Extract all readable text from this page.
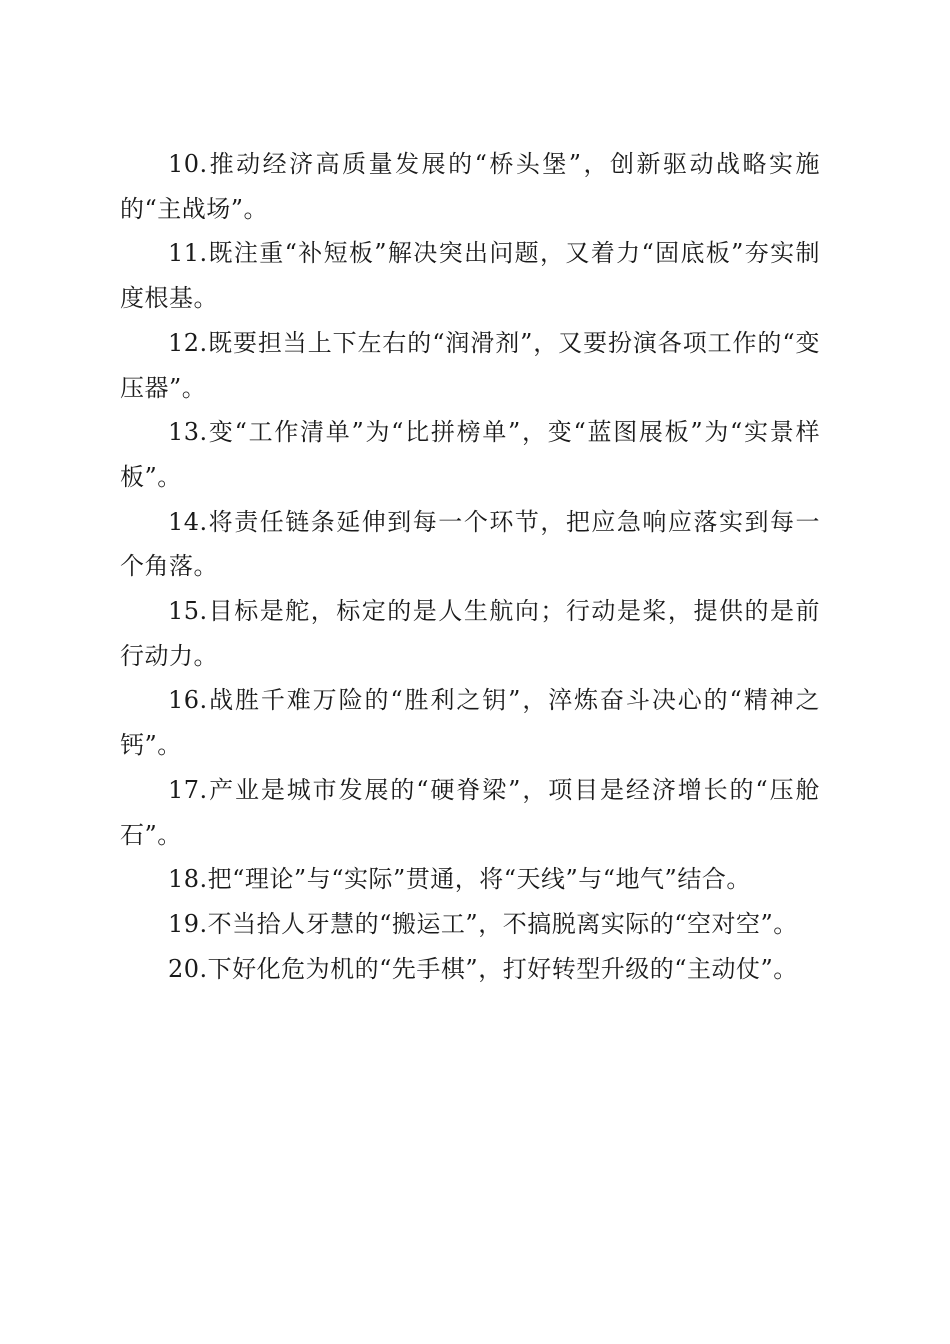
10.推动经济高质量发展的“桥头堡”，创新驱动战略实施的“主战场”。

11.既注重“补短板”解决突出问题，又着力“固底板”夯实制度根基。

12.既要担当上下左右的“润滑剂”，又要扮演各项工作的“变压器”。

13.变“工作清单”为“比拼榜单”，变“蓝图展板”为“实景样板”。

14.将责任链条延伸到每一个环节，把应急响应落实到每一个角落。

15.目标是舵，标定的是人生航向；行动是桨，提供的是前行动力。

16.战胜千难万险的“胜利之钥”，淬炼奋斗决心的“精神之钙”。

17.产业是城市发展的“硬脊梁”，项目是经济增长的“压舱石”。

18.把“理论”与“实际”贯通，将“天线”与“地气”结合。

19.不当拾人牙慧的“搬运工”，不搞脱离实际的“空对空”。

20.下好化危为机的“先手棋”，打好转型升级的“主动仗”。
